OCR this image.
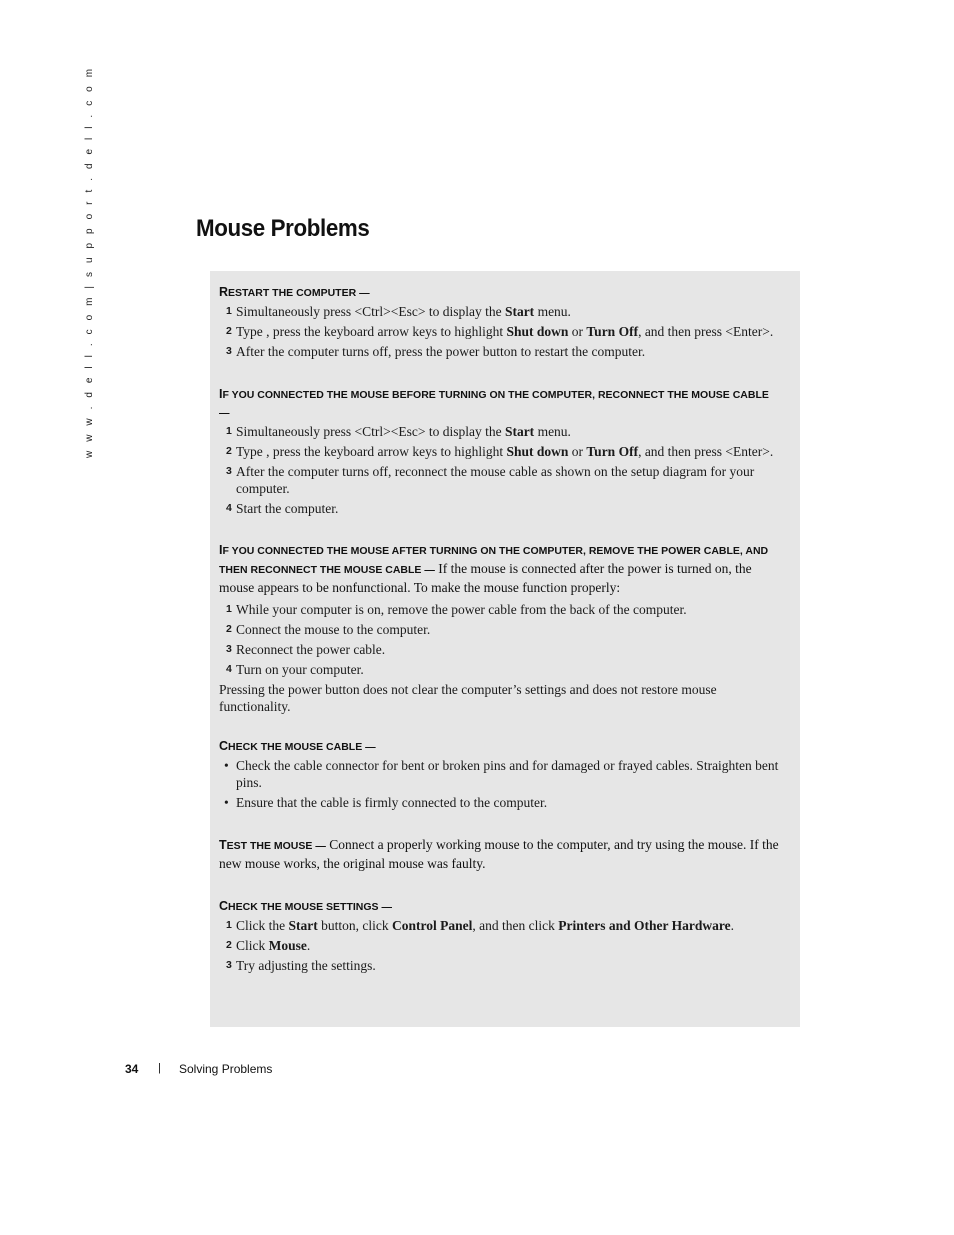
w w w . d e l l . c o m | s u p p o r t . d e l l . c o m	Mouse Problems
RESTART THE COMPUTER —
1 Simultaneously press <Ctrl><Esc> to display the Start menu.
2 Type , press the keyboard arrow keys to highlight Shut down or Turn Off, and then press <Enter>.
3 After the computer turns off, press the power button to restart the computer.
IF YOU CONNECTED THE MOUSE BEFORE TURNING ON THE COMPUTER, RECONNECT THE MOUSE CABLE —
1 Simultaneously press <Ctrl><Esc> to display the Start menu.
2 Type , press the keyboard arrow keys to highlight Shut down or Turn Off, and then press <Enter>.
3 After the computer turns off, reconnect the mouse cable as shown on the setup diagram for your computer.
4 Start the computer.
IF YOU CONNECTED THE MOUSE AFTER TURNING ON THE COMPUTER, REMOVE THE POWER CABLE, AND THEN RECONNECT THE MOUSE CABLE — If the mouse is connected after the power is turned on, the mouse appears to be nonfunctional. To make the mouse function properly:
1 While your computer is on, remove the power cable from the back of the computer.
2 Connect the mouse to the computer.
3 Reconnect the power cable.
4 Turn on your computer.

Pressing the power button does not clear the computer’s settings and does not restore mouse functionality.

CHECK THE MOUSE CABLE —
• Check the cable connector for bent or broken pins and for damaged or frayed cables. Straighten bent pins.
• Ensure that the cable is firmly connected to the computer.
TEST THE MOUSE — Connect a properly working mouse to the computer, and try using the mouse. If the new mouse works, the original mouse was faulty.
CHECK THE MOUSE SETTINGS —
1 Click the Start button, click Control Panel, and then click Printers and Other Hardware.
2 Click Mouse.
3 Try adjusting the settings.
34 | Solving Problems
